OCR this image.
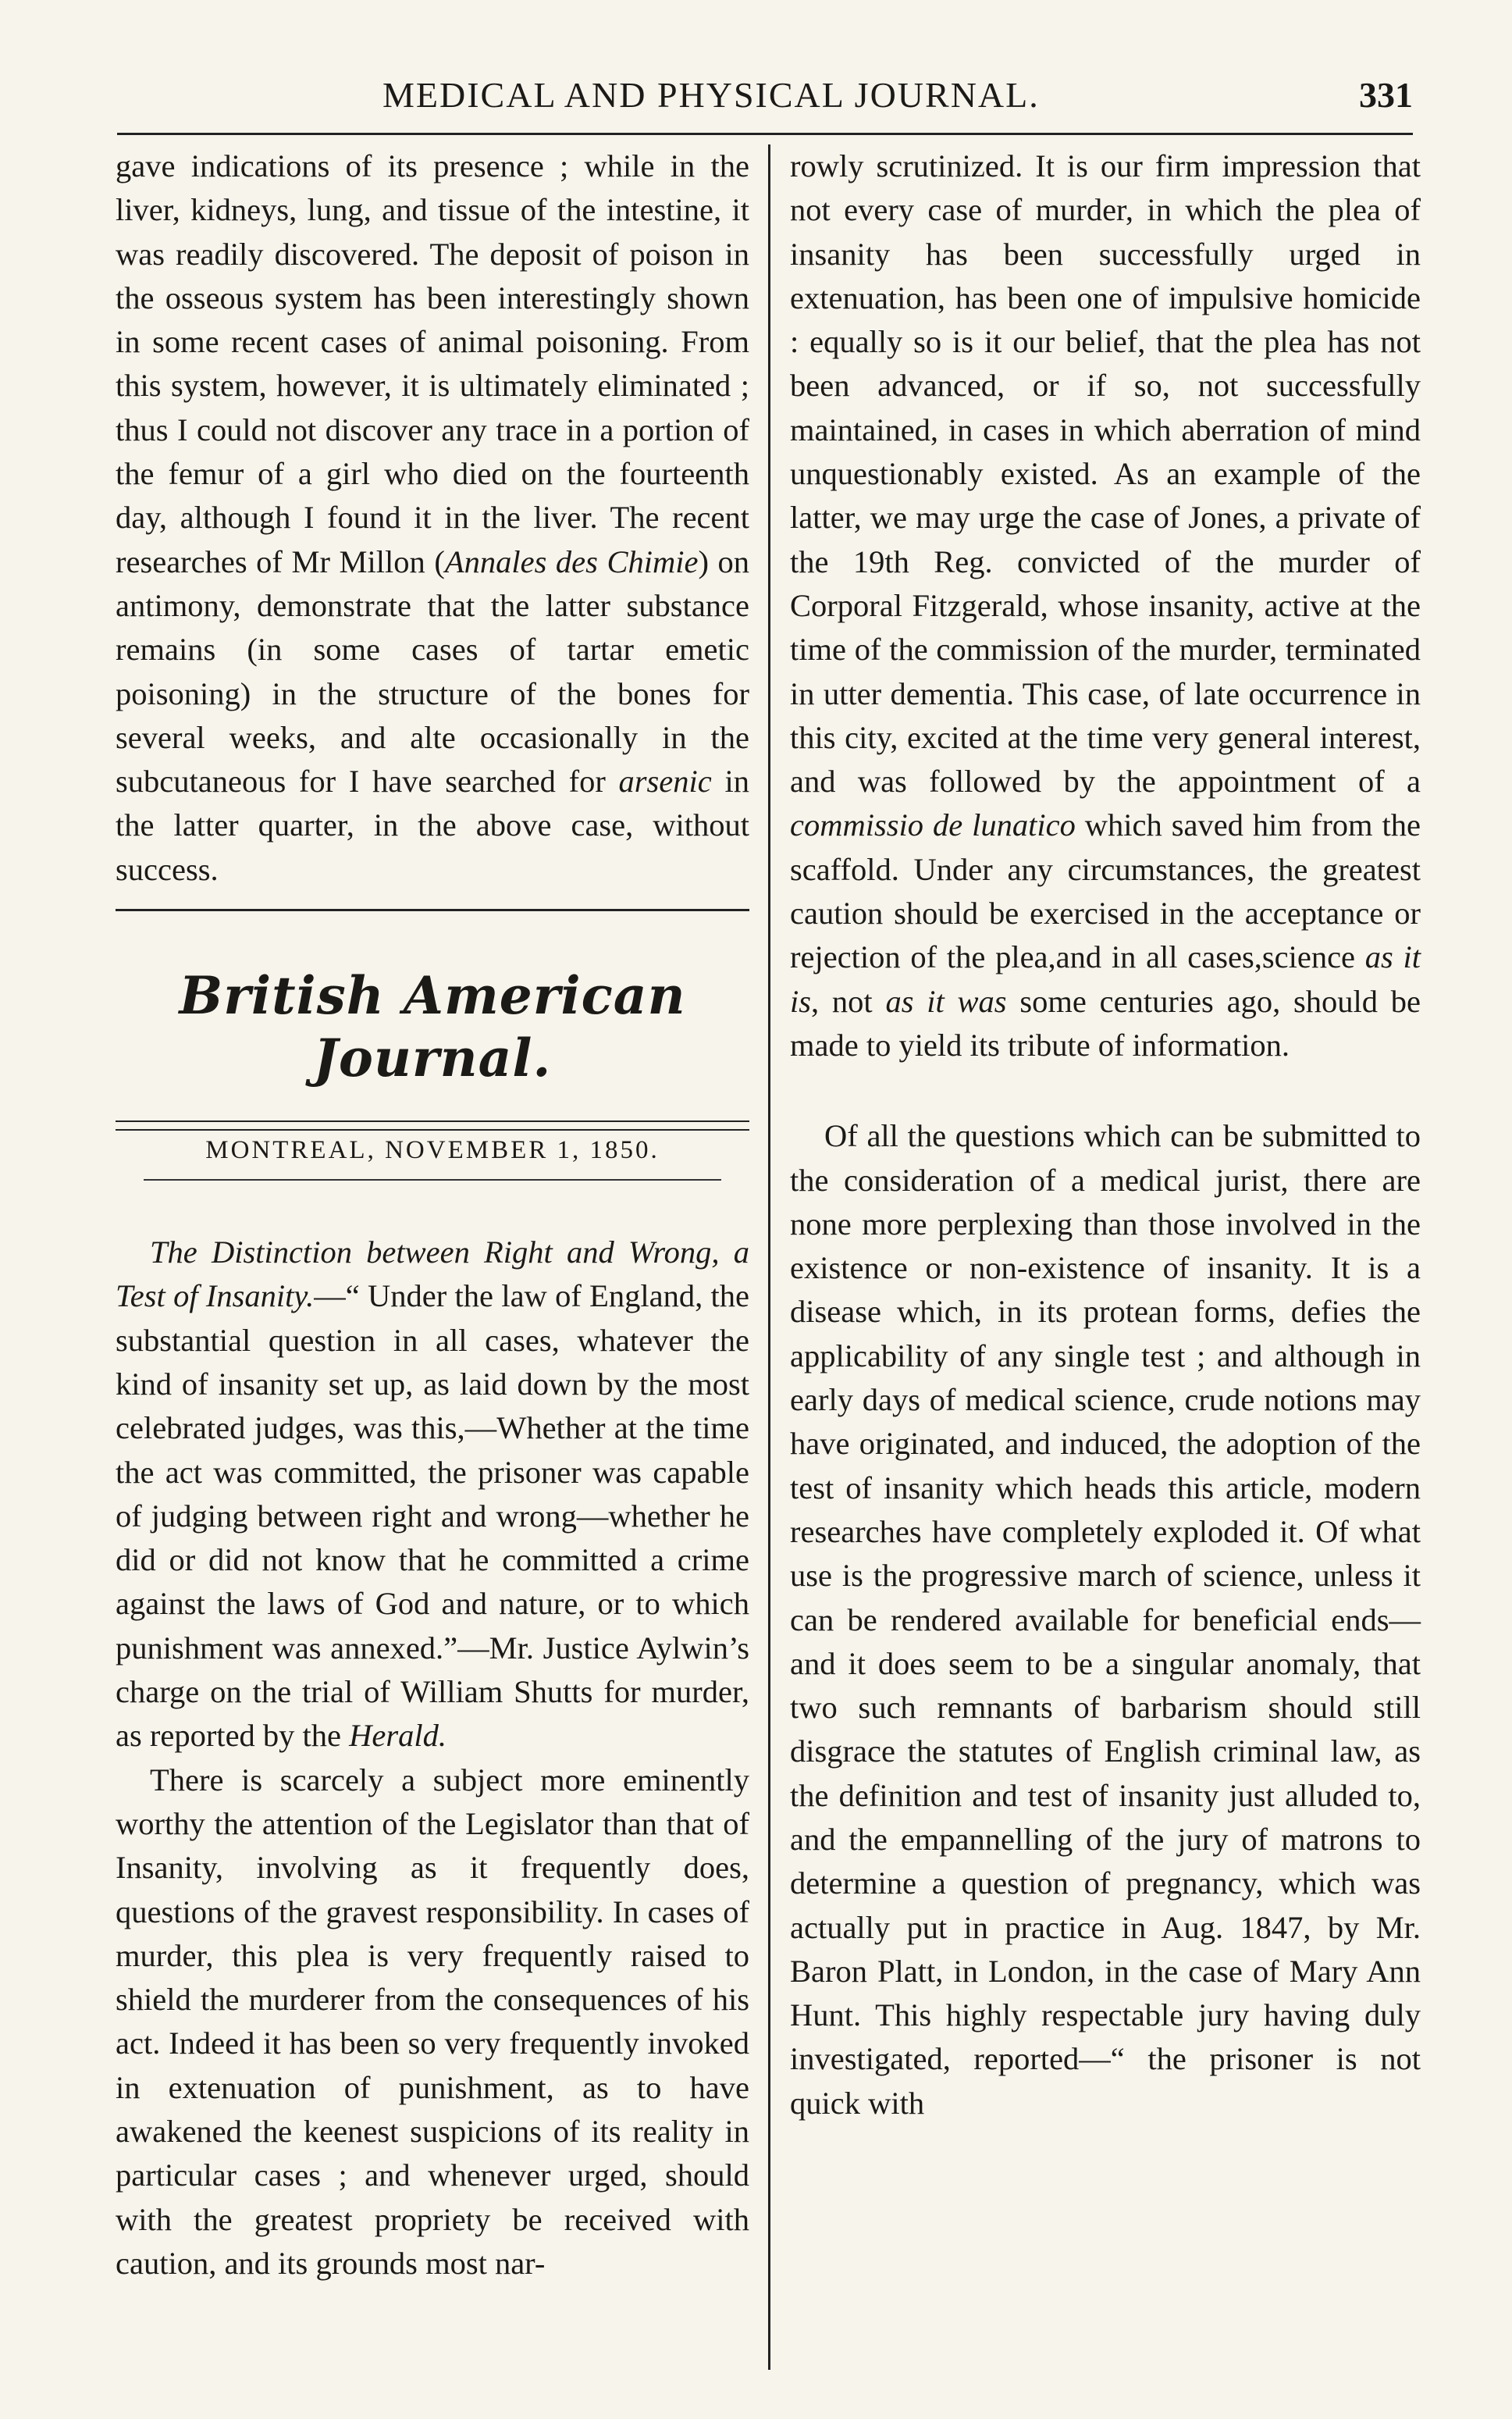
MEDICAL AND PHYSICAL JOURNAL.	331

gave indications of its presence ; while in the liver, kidneys, lung, and tissue of the intestine, it was readily discovered. The deposit of poison in the osseous system has been interestingly shown in some recent cases of animal poisoning. From this system, however, it is ultimately eliminated ; thus I could not discover any trace in a portion of the femur of a girl who died on the fourteenth day, although I found it in the liver. The recent researches of Mr Millon (Annales des Chimie) on antimony, demonstrate that the latter substance remains (in some cases of tartar emetic poisoning) in the structure of the bones for several weeks, and alte occasionally in the subcutaneous for I have searched for arsenic in the latter quarter, in the above case, without success.

British American Journal.

MONTREAL, NOVEMBER 1, 1850.

The Distinction between Right and Wrong, a Test of Insanity.—“ Under the law of England, the substantial question in all cases, whatever the kind of insanity set up, as laid down by the most celebrated judges, was this,—Whether at the time the act was committed, the prisoner was capable of judging between right and wrong—whether he did or did not know that he committed a crime against the laws of God and nature, or to which punishment was annexed.”—Mr. Justice Aylwin’s charge on the trial of William Shutts for murder, as reported by the Herald.

There is scarcely a subject more eminently worthy the attention of the Legislator than that of Insanity, involving as it frequently does, questions of the gravest responsibility. In cases of murder, this plea is very frequently raised to shield the murderer from the consequences of his act. Indeed it has been so very frequently invoked in extenuation of punishment, as to have awakened the keenest suspicions of its reality in particular cases ; and whenever urged, should with the greatest propriety be received with caution, and its grounds most nar-

rowly scrutinized. It is our firm impression that not every case of murder, in which the plea of insanity has been successfully urged in extenuation, has been one of impulsive homicide : equally so is it our belief, that the plea has not been advanced, or if so, not successfully maintained, in cases in which aberration of mind unquestionably existed. As an example of the latter, we may urge the case of Jones, a private of the 19th Reg. convicted of the murder of Corporal Fitzgerald, whose insanity, active at the time of the commission of the murder, terminated in utter dementia. This case, of late occurrence in this city, excited at the time very general interest, and was followed by the appointment of a commissio de lunatico which saved him from the scaffold. Under any circumstances, the greatest caution should be exercised in the acceptance or rejection of the plea,and in all cases,science as it is, not as it was some centuries ago, should be made to yield its tribute of information.

Of all the questions which can be submitted to the consideration of a medical jurist, there are none more perplexing than those involved in the existence or non-existence of insanity. It is a disease which, in its protean forms, defies the applicability of any single test ; and although in early days of medical science, crude notions may have originated, and induced, the adoption of the test of insanity which heads this article, modern researches have completely exploded it. Of what use is the progressive march of science, unless it can be rendered available for beneficial ends—and it does seem to be a singular anomaly, that two such remnants of barbarism should still disgrace the statutes of English criminal law, as the definition and test of insanity just alluded to, and the empannelling of the jury of matrons to determine a question of pregnancy, which was actually put in practice in Aug. 1847, by Mr. Baron Platt, in London, in the case of Mary Ann Hunt. This highly respectable jury having duly investigated, reported—“ the prisoner is not quick with
